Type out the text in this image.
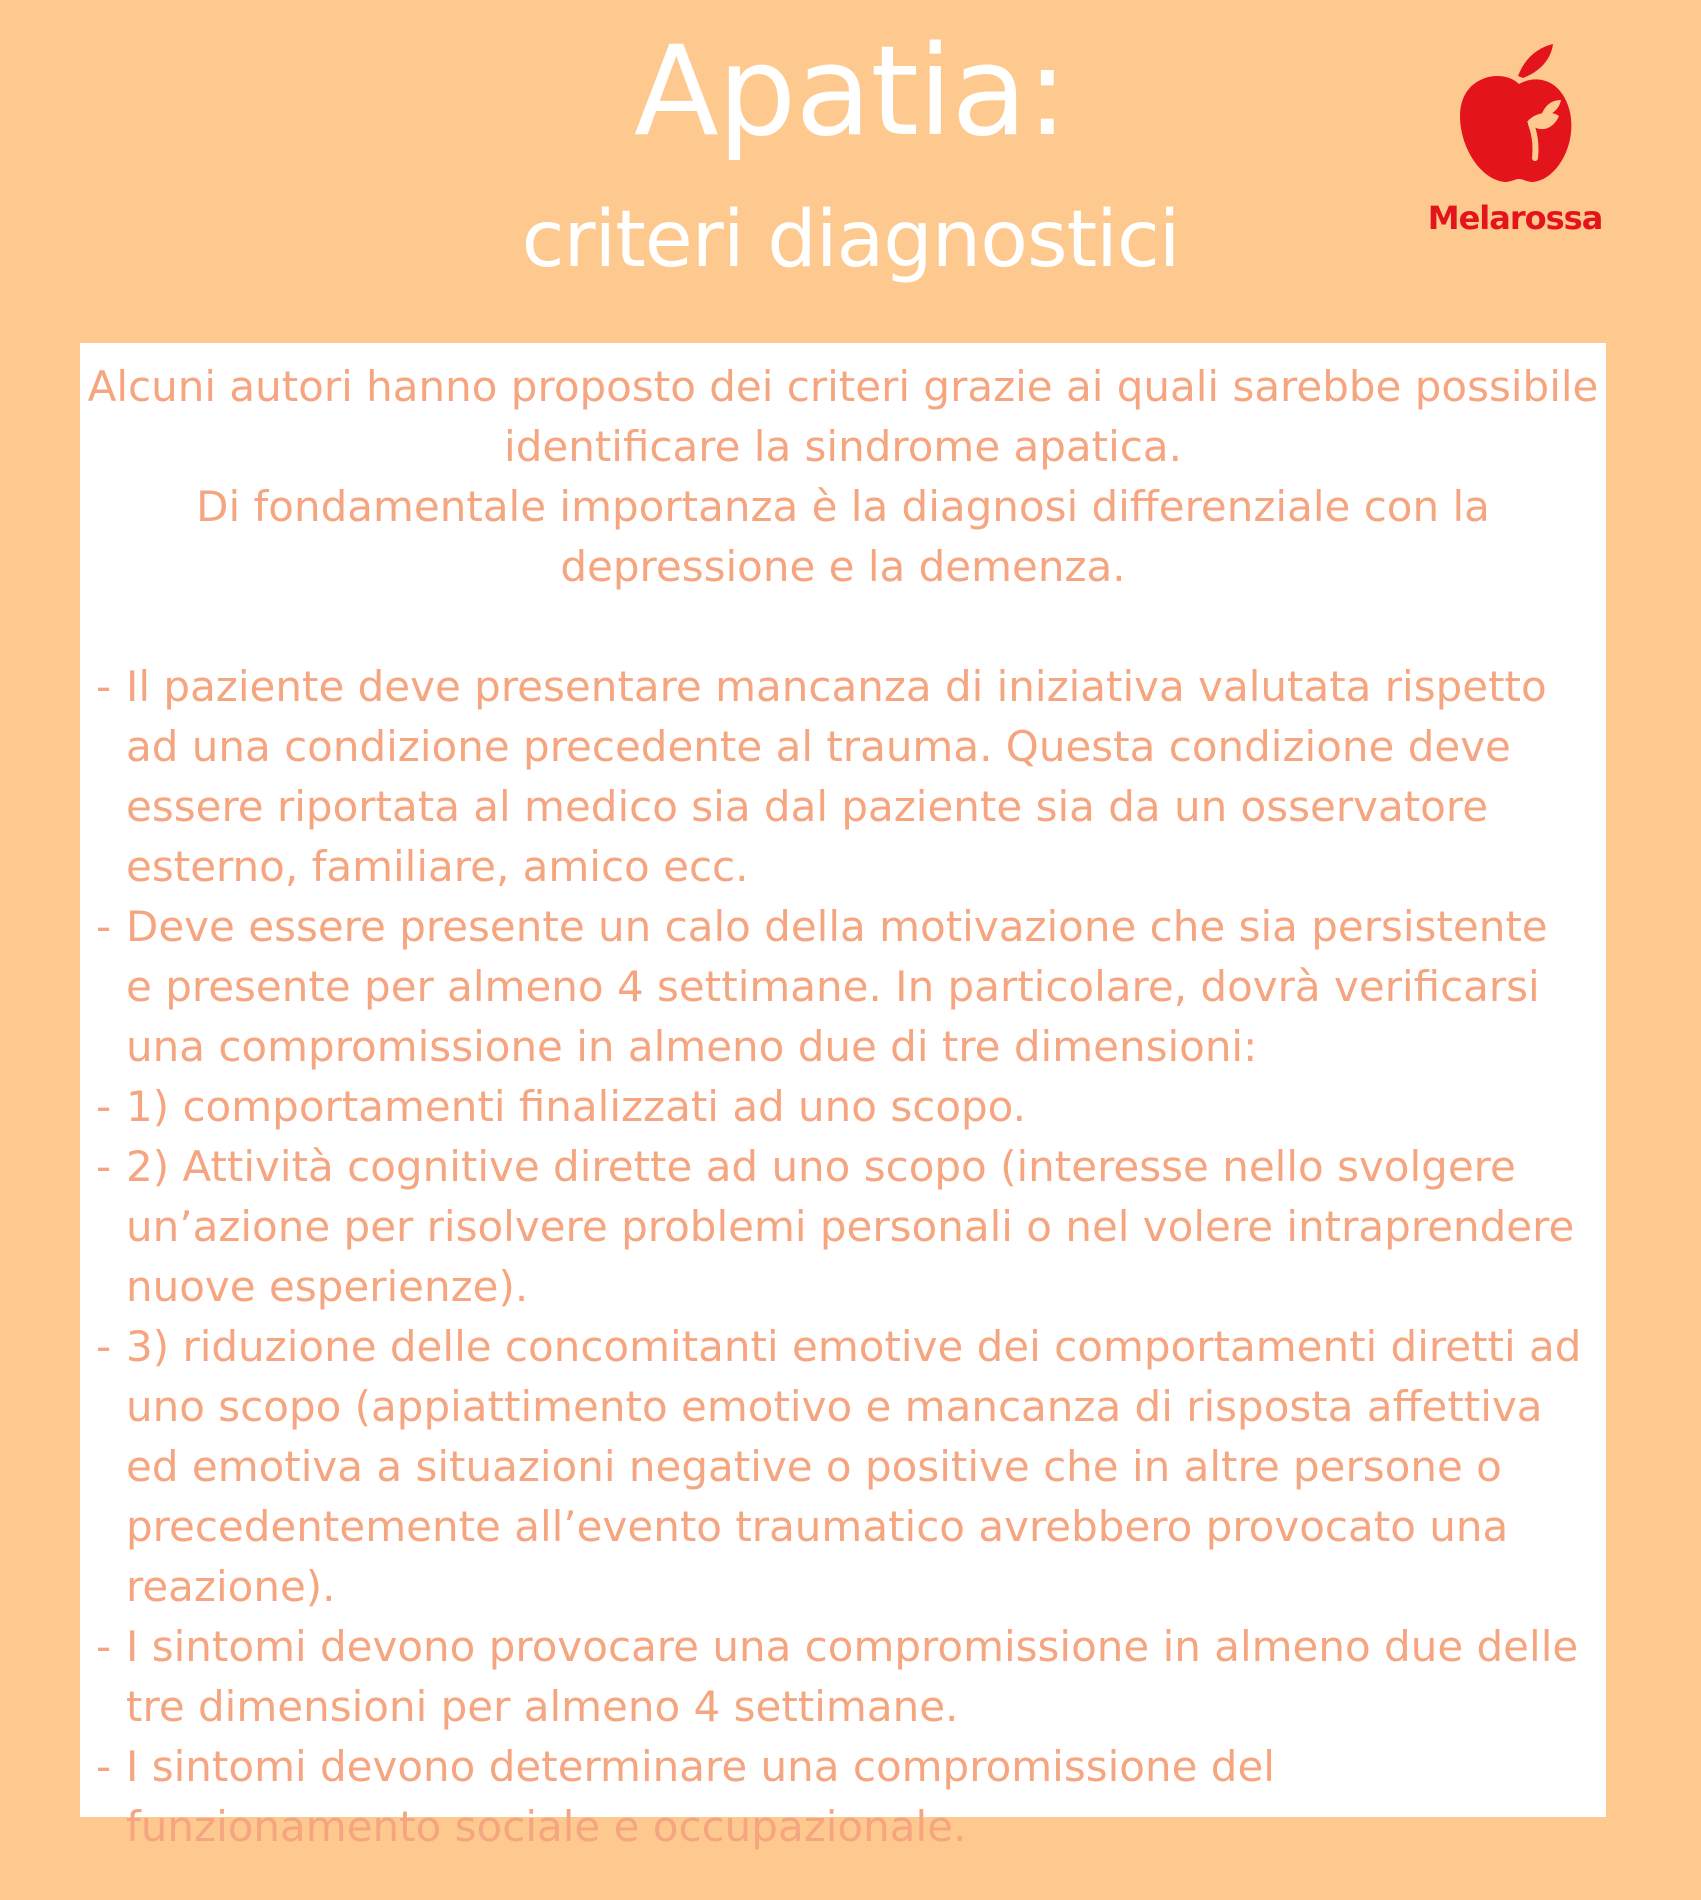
Apatia:
criteri diagnostici	Melarossa

Alcuni autori hanno proposto dei criteri grazie ai quali sarebbe possibile identificare la sindrome apatica.

Di fondamentale importanza è la diagnosi differenziale con la depressione e la demenza.

- Il paziente deve presentare mancanza di iniziativa valutata rispetto ad una condizione precedente al trauma. Questa condizione deve essere riportata al medico sia dal paziente sia da un osservatore esterno, familiare, amico ecc.
- Deve essere presente un calo della motivazione che sia persistente e presente per almeno 4 settimane. In particolare, dovrà verificarsi una compromissione in almeno due di tre dimensioni:
- 1) comportamenti finalizzati ad uno scopo.
- 2) Attività cognitive dirette ad uno scopo (interesse nello svolgere un’azione per risolvere problemi personali o nel volere intraprendere nuove esperienze).
- 3) riduzione delle concomitanti emotive dei comportamenti diretti ad uno scopo (appiattimento emotivo e mancanza di risposta affettiva ed emotiva a situazioni negative o positive che in altre persone o precedentemente all’evento traumatico avrebbero provocato una reazione).
- I sintomi devono provocare una compromissione in almeno due delle tre dimensioni per almeno 4 settimane.
- I sintomi devono determinare una compromissione del funzionamento sociale e occupazionale.
